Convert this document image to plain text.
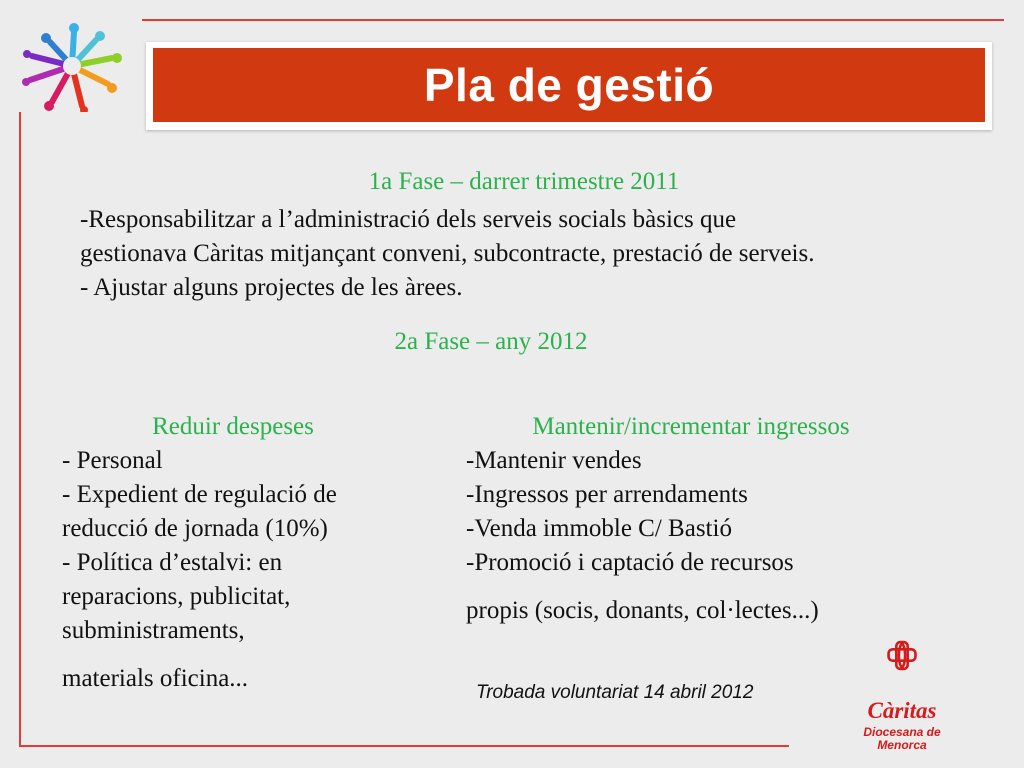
Pla de gestió
1a Fase – darrer trimestre 2011
-Responsabilitzar a l’administració dels serveis socials bàsics que
gestionava Càritas mitjançant conveni, subcontracte, prestació de serveis.
- Ajustar alguns projectes de les àrees.
2a Fase – any 2012
Reduir despeses
- Personal
- Expedient de regulació de
reducció de jornada (10%)
- Política d’estalvi: en
reparacions, publicitat,
subministraments,
materials oficina...
Mantenir/incrementar ingressos
-Mantenir vendes
-Ingressos per arrendaments
-Venda immoble C/ Bastió
-Promoció i captació de recursos
propis (socis, donants, col·lectes...)
Trobada voluntariat 14 abril 2012
Càritas
Diocesana de
Menorca
